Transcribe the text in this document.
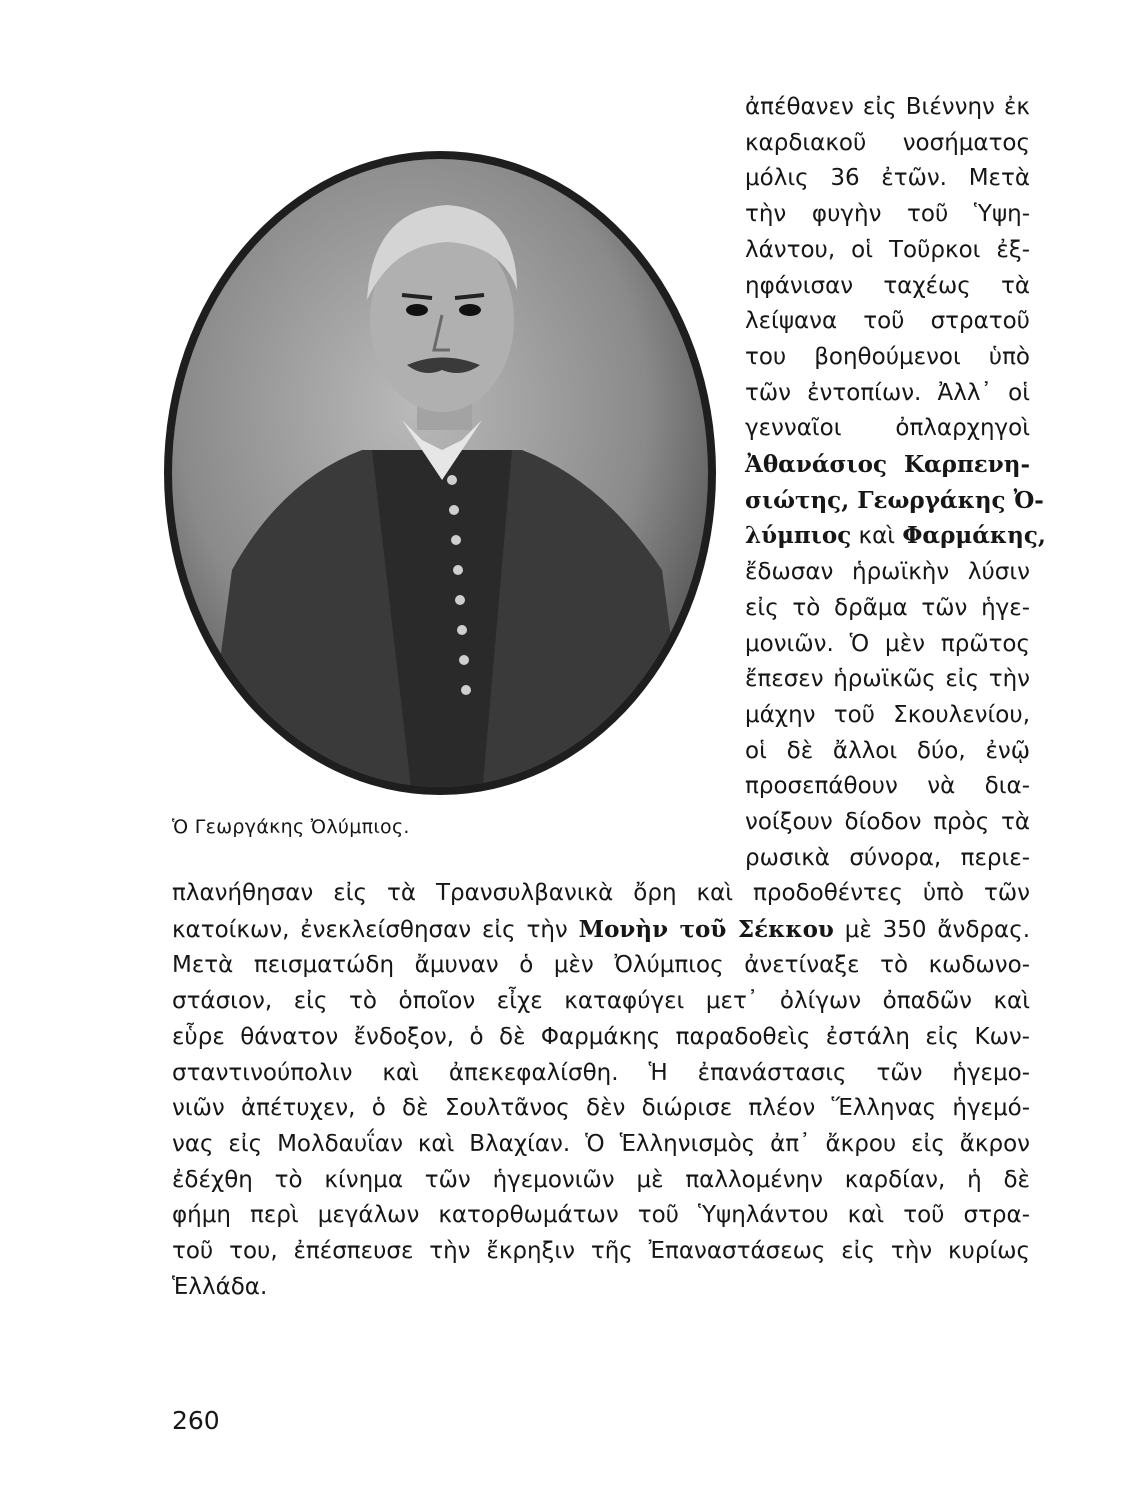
Ὁ Γεωργάκης Ὀλύμπιος.
ἀπέθανεν εἰς Βιέννην ἐκ
καρδιακοῦ νοσήματος
μόλις 36 ἐτῶν. Μετὰ
τὴν φυγὴν τοῦ Ὑψη-
λάντου, οἱ Τοῦρκοι ἐξ-
ηφάνισαν ταχέως τὰ
λείψανα τοῦ στρατοῦ
του βοηθούμενοι ὑπὸ
τῶν ἐντοπίων. Ἀλλ᾽ οἱ
γενναῖοι ὀπλαρχηγοὶ
Ἀθανάσιος Καρπενη-
σιώτης, Γεωργάκης Ὀ-
λύμπιος καὶ Φαρμάκης,
ἔδωσαν ἡρωϊκὴν λύσιν
εἰς τὸ δρᾶμα τῶν ἡγε-
μονιῶν. Ὁ μὲν πρῶτος
ἔπεσεν ἡρωϊκῶς εἰς τὴν
μάχην τοῦ Σκουλενίου,
οἱ δὲ ἄλλοι δύο, ἐνῷ
προσεπάθουν νὰ δια-
νοίξουν δίοδον πρὸς τὰ
ρωσικὰ σύνορα, περιε-
πλανήθησαν εἰς τὰ Τρανσυλβανικὰ ὄρη καὶ προδοθέντες ὑπὸ τῶν
κατοίκων, ἐνεκλείσθησαν εἰς τὴν Μονὴν τοῦ Σέκκου μὲ 350 ἄνδρας.
Μετὰ πεισματώδη ἄμυναν ὁ μὲν Ὀλύμπιος ἀνετίναξε τὸ κωδωνο-
στάσιον, εἰς τὸ ὁποῖον εἶχε καταφύγει μετ᾽ ὀλίγων ὀπαδῶν καὶ
εὗρε θάνατον ἔνδοξον, ὁ δὲ Φαρμάκης παραδοθεὶς ἐστάλη εἰς Κων-
σταντινούπολιν καὶ ἀπεκεφαλίσθη. Ἡ ἐπανάστασις τῶν ἡγεμο-
νιῶν ἀπέτυχεν, ὁ δὲ Σουλτᾶνος δὲν διώρισε πλέον Ἕλληνας ἡγεμό-
νας εἰς Μολδαυΐαν καὶ Βλαχίαν. Ὁ Ἑλληνισμὸς ἀπ᾽ ἄκρου εἰς ἄκρον
ἐδέχθη τὸ κίνημα τῶν ἡγεμονιῶν μὲ παλλομένην καρδίαν, ἡ δὲ
φήμη περὶ μεγάλων κατορθωμάτων τοῦ Ὑψηλάντου καὶ τοῦ στρα-
τοῦ του, ἐπέσπευσε τὴν ἔκρηξιν τῆς Ἐπαναστάσεως εἰς τὴν κυρίως
Ἑλλάδα.
260
